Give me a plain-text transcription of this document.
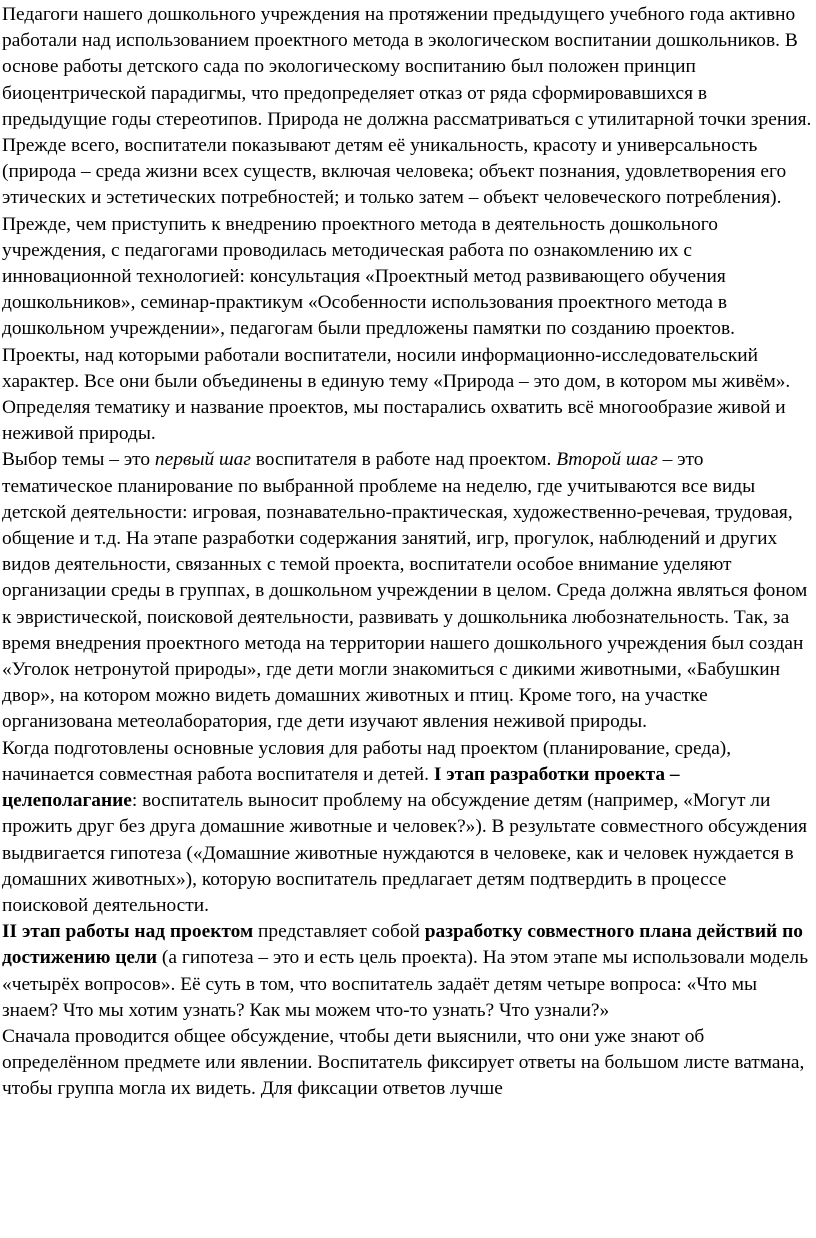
Педагоги нашего дошкольного учреждения на протяжении предыдущего учебного года активно работали над использованием проектного метода в экологическом воспитании дошкольников. В основе работы детского сада по экологическому воспитанию был положен принцип биоцентрической парадигмы, что предопределяет отказ от ряда сформировавшихся в предыдущие годы стереотипов. Природа не должна рассматриваться с утилитарной точки зрения. Прежде всего, воспитатели показывают детям её уникальность, красоту и универсальность (природа – среда жизни всех существ, включая человека; объект познания, удовлетворения его этических и эстетических потребностей; и только затем – объект человеческого потребления).

Прежде, чем приступить к внедрению проектного метода в деятельность дошкольного учреждения, с педагогами проводилась методическая работа по ознакомлению их с инновационной технологией: консультация «Проектный метод развивающего обучения дошкольников», семинар-практикум «Особенности использования проектного метода в дошкольном учреждении», педагогам были предложены памятки по созданию проектов.

Проекты, над которыми работали воспитатели, носили информационно-исследовательский характер. Все они были объединены в единую тему «Природа – это дом, в котором мы живём». Определяя тематику и название проектов, мы постарались охватить всё многообразие живой и неживой природы.

Выбор темы – это первый шаг воспитателя в работе над проектом. Второй шаг – это тематическое планирование по выбранной проблеме на неделю, где учитываются все виды детской деятельности: игровая, познавательно-практическая, художественно-речевая, трудовая, общение и т.д. На этапе разработки содержания занятий, игр, прогулок, наблюдений и других видов деятельности, связанных с темой проекта, воспитатели особое внимание уделяют организации среды в группах, в дошкольном учреждении в целом. Среда должна являться фоном к эвристической, поисковой деятельности, развивать у дошкольника любознательность. Так, за время внедрения проектного метода на территории нашего дошкольного учреждения был создан «Уголок нетронутой природы», где дети могли знакомиться с дикими животными, «Бабушкин двор», на котором можно видеть домашних животных и птиц. Кроме того, на участке организована метеолаборатория, где дети изучают явления неживой природы.

Когда подготовлены основные условия для работы над проектом (планирование, среда), начинается совместная работа воспитателя и детей. I этап разработки проекта – целеполагание: воспитатель выносит проблему на обсуждение детям (например, «Могут ли прожить друг без друга домашние животные и человек?»). В результате совместного обсуждения выдвигается гипотеза («Домашние животные нуждаются в человеке, как и человек нуждается в домашних животных»), которую воспитатель предлагает детям подтвердить в процессе поисковой деятельности.

II этап работы над проектом представляет собой разработку совместного плана действий по достижению цели (а гипотеза – это и есть цель проекта). На этом этапе мы использовали модель «четырёх вопросов». Её суть в том, что воспитатель задаёт детям четыре вопроса: «Что мы знаем? Что мы хотим узнать? Как мы можем что-то узнать? Что узнали?»

Сначала проводится общее обсуждение, чтобы дети выяснили, что они уже знают об определённом предмете или явлении. Воспитатель фиксирует ответы на большом листе ватмана, чтобы группа могла их видеть. Для фиксации ответов лучше
